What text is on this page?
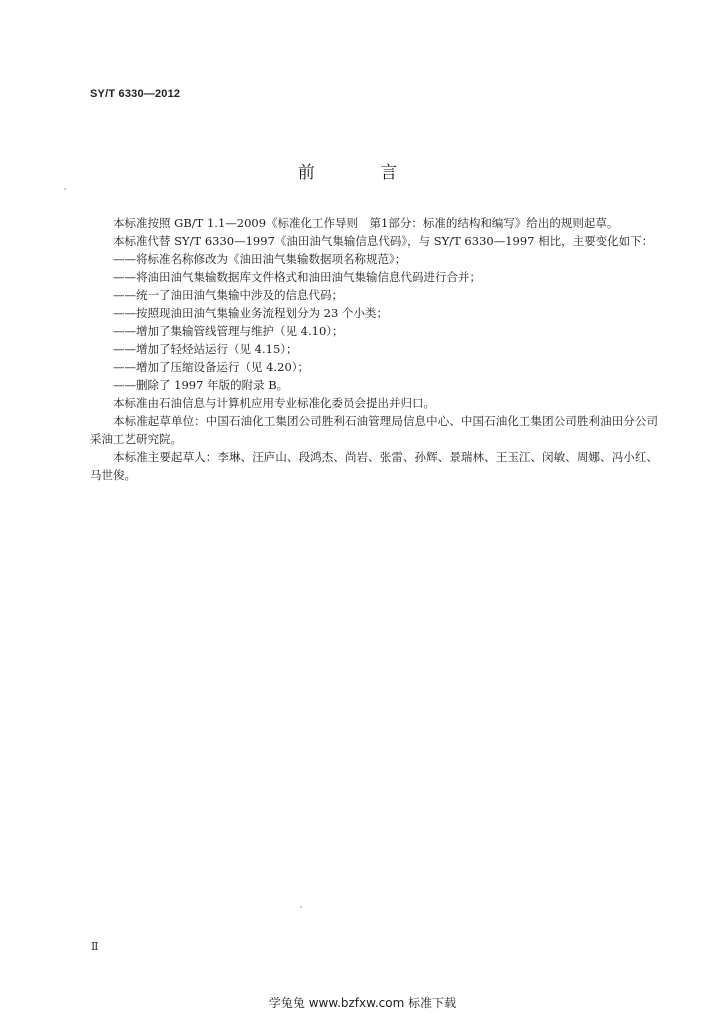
SY/T 6330—2012
前 言

本标准按照 GB/T 1.1—2009《标准化工作导则　第1部分：标准的结构和编写》给出的规则起草。

本标准代替 SY/T 6330—1997《油田油气集输信息代码》，与 SY/T 6330—1997 相比，主要变化如下：

——将标准名称修改为《油田油气集输数据项名称规范》；

——将油田油气集输数据库文件格式和油田油气集输信息代码进行合并；

——统一了油田油气集输中涉及的信息代码；

——按照现油田油气集输业务流程划分为 23 个小类；

——增加了集输管线管理与维护（见 4.10）；

——增加了轻烃站运行（见 4.15）；

——增加了压缩设备运行（见 4.20）；

——删除了 1997 年版的附录 B。

本标准由石油信息与计算机应用专业标准化委员会提出并归口。

本标准起草单位：中国石油化工集团公司胜利石油管理局信息中心、中国石油化工集团公司胜利油田分公司采油工艺研究院。

本标准主要起草人：李琳、汪庐山、段鸿杰、尚岩、张雷、孙辉、景瑞林、王玉江、闵敏、周娜、冯小红、马世俊。

Ⅱ
学兔兔 www.bzfxw.com 标准下载
